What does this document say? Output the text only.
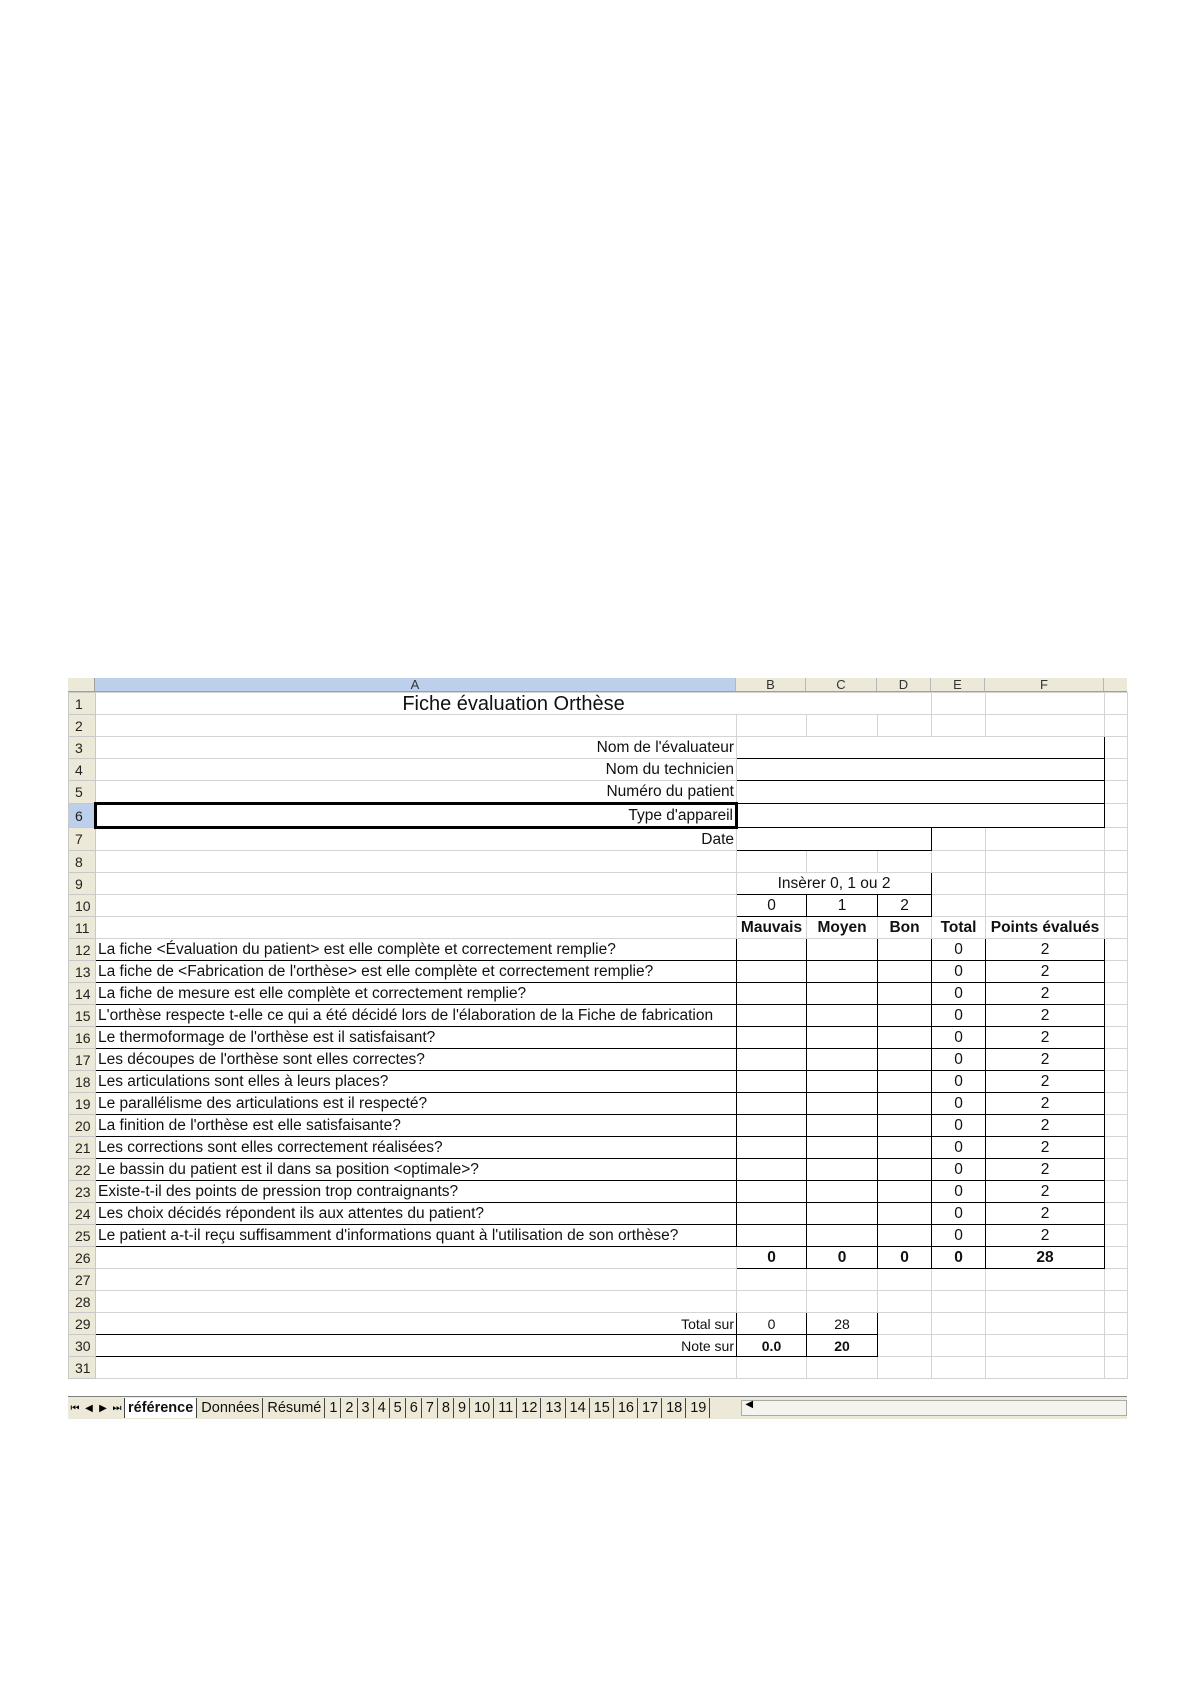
A	B	C	D	E	F
1	Fiche évaluation Orthèse						
2							
3	Nom de l'évaluateur						
4	Nom du technicien						
5	Numéro du patient						
6	Type d'appareil						
7	Date						
8							
9		Insèrer 0, 1 ou 2					
10		0	1	2			
11		Mauvais	Moyen	Bon	Total	Points évalués	
12	La fiche <Évaluation du patient> est elle complète et correctement remplie?				0	2	
13	La fiche de <Fabrication de l'orthèse> est elle complète et correctement remplie?				0	2	
14	La fiche de mesure est elle complète et correctement remplie?				0	2	
15	L'orthèse respecte t-elle ce qui a été décidé lors de l'élaboration de la Fiche de fabrication				0	2	
16	Le thermoformage de l'orthèse est il satisfaisant?				0	2	
17	Les découpes de l'orthèse sont elles correctes?				0	2	
18	Les articulations sont elles à leurs places?				0	2	
19	Le parallélisme des articulations est il respecté?				0	2	
20	La finition de l'orthèse est elle satisfaisante?				0	2	
21	Les corrections sont elles correctement réalisées?				0	2	
22	Le bassin du patient est il dans sa position <optimale>?				0	2	
23	Existe-t-il des points de pression trop contraignants?				0	2	
24	Les choix décidés répondent ils aux attentes du patient?				0	2	
25	Le patient a-t-il reçu suffisamment d'informations quant à l'utilisation de son orthèse?				0	2	
26		0	0	0	0	28	
27							
28							
29	Total sur	0	28				
30	Note sur	0.0	20				
31							
⏮ ◀ ▶ ⏭ référence Données Résumé 1 2 3 4 5 6 7 8 9 10 11 12 13 14 15 16 17 18 19	◀
